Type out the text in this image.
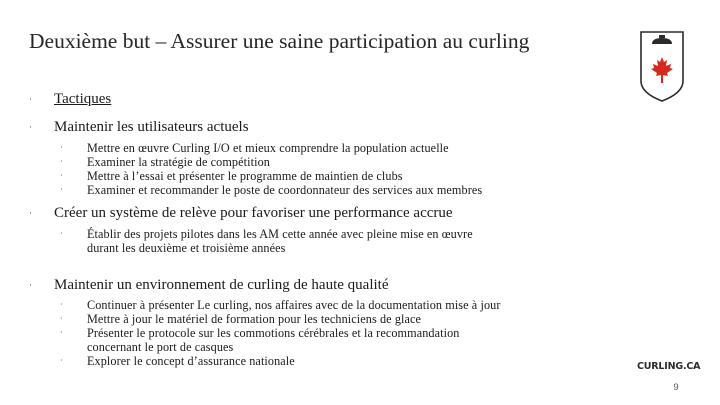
Deuxième but – Assurer une saine participation au curling
· Tactiques
· Maintenir les utilisateurs actuels
· Mettre en œuvre Curling I/O et mieux comprendre la population actuelle
· Examiner la stratégie de compétition
· Mettre à l’essai et présenter le programme de maintien de clubs
· Examiner et recommander le poste de coordonnateur des services aux membres
· Créer un système de relève pour favoriser une performance accrue
· Établir des projets pilotes dans les AM cette année avec pleine mise en œuvre
durant les deuxième et troisième années
· Maintenir un environnement de curling de haute qualité
· Continuer à présenter Le curling, nos affaires avec de la documentation mise à jour
· Mettre à jour le matériel de formation pour les techniciens de glace
· Présenter le protocole sur les commotions cérébrales et la recommandation
concernant le port de casques
· Explorer le concept d’assurance nationale	CURLING.CA
9
